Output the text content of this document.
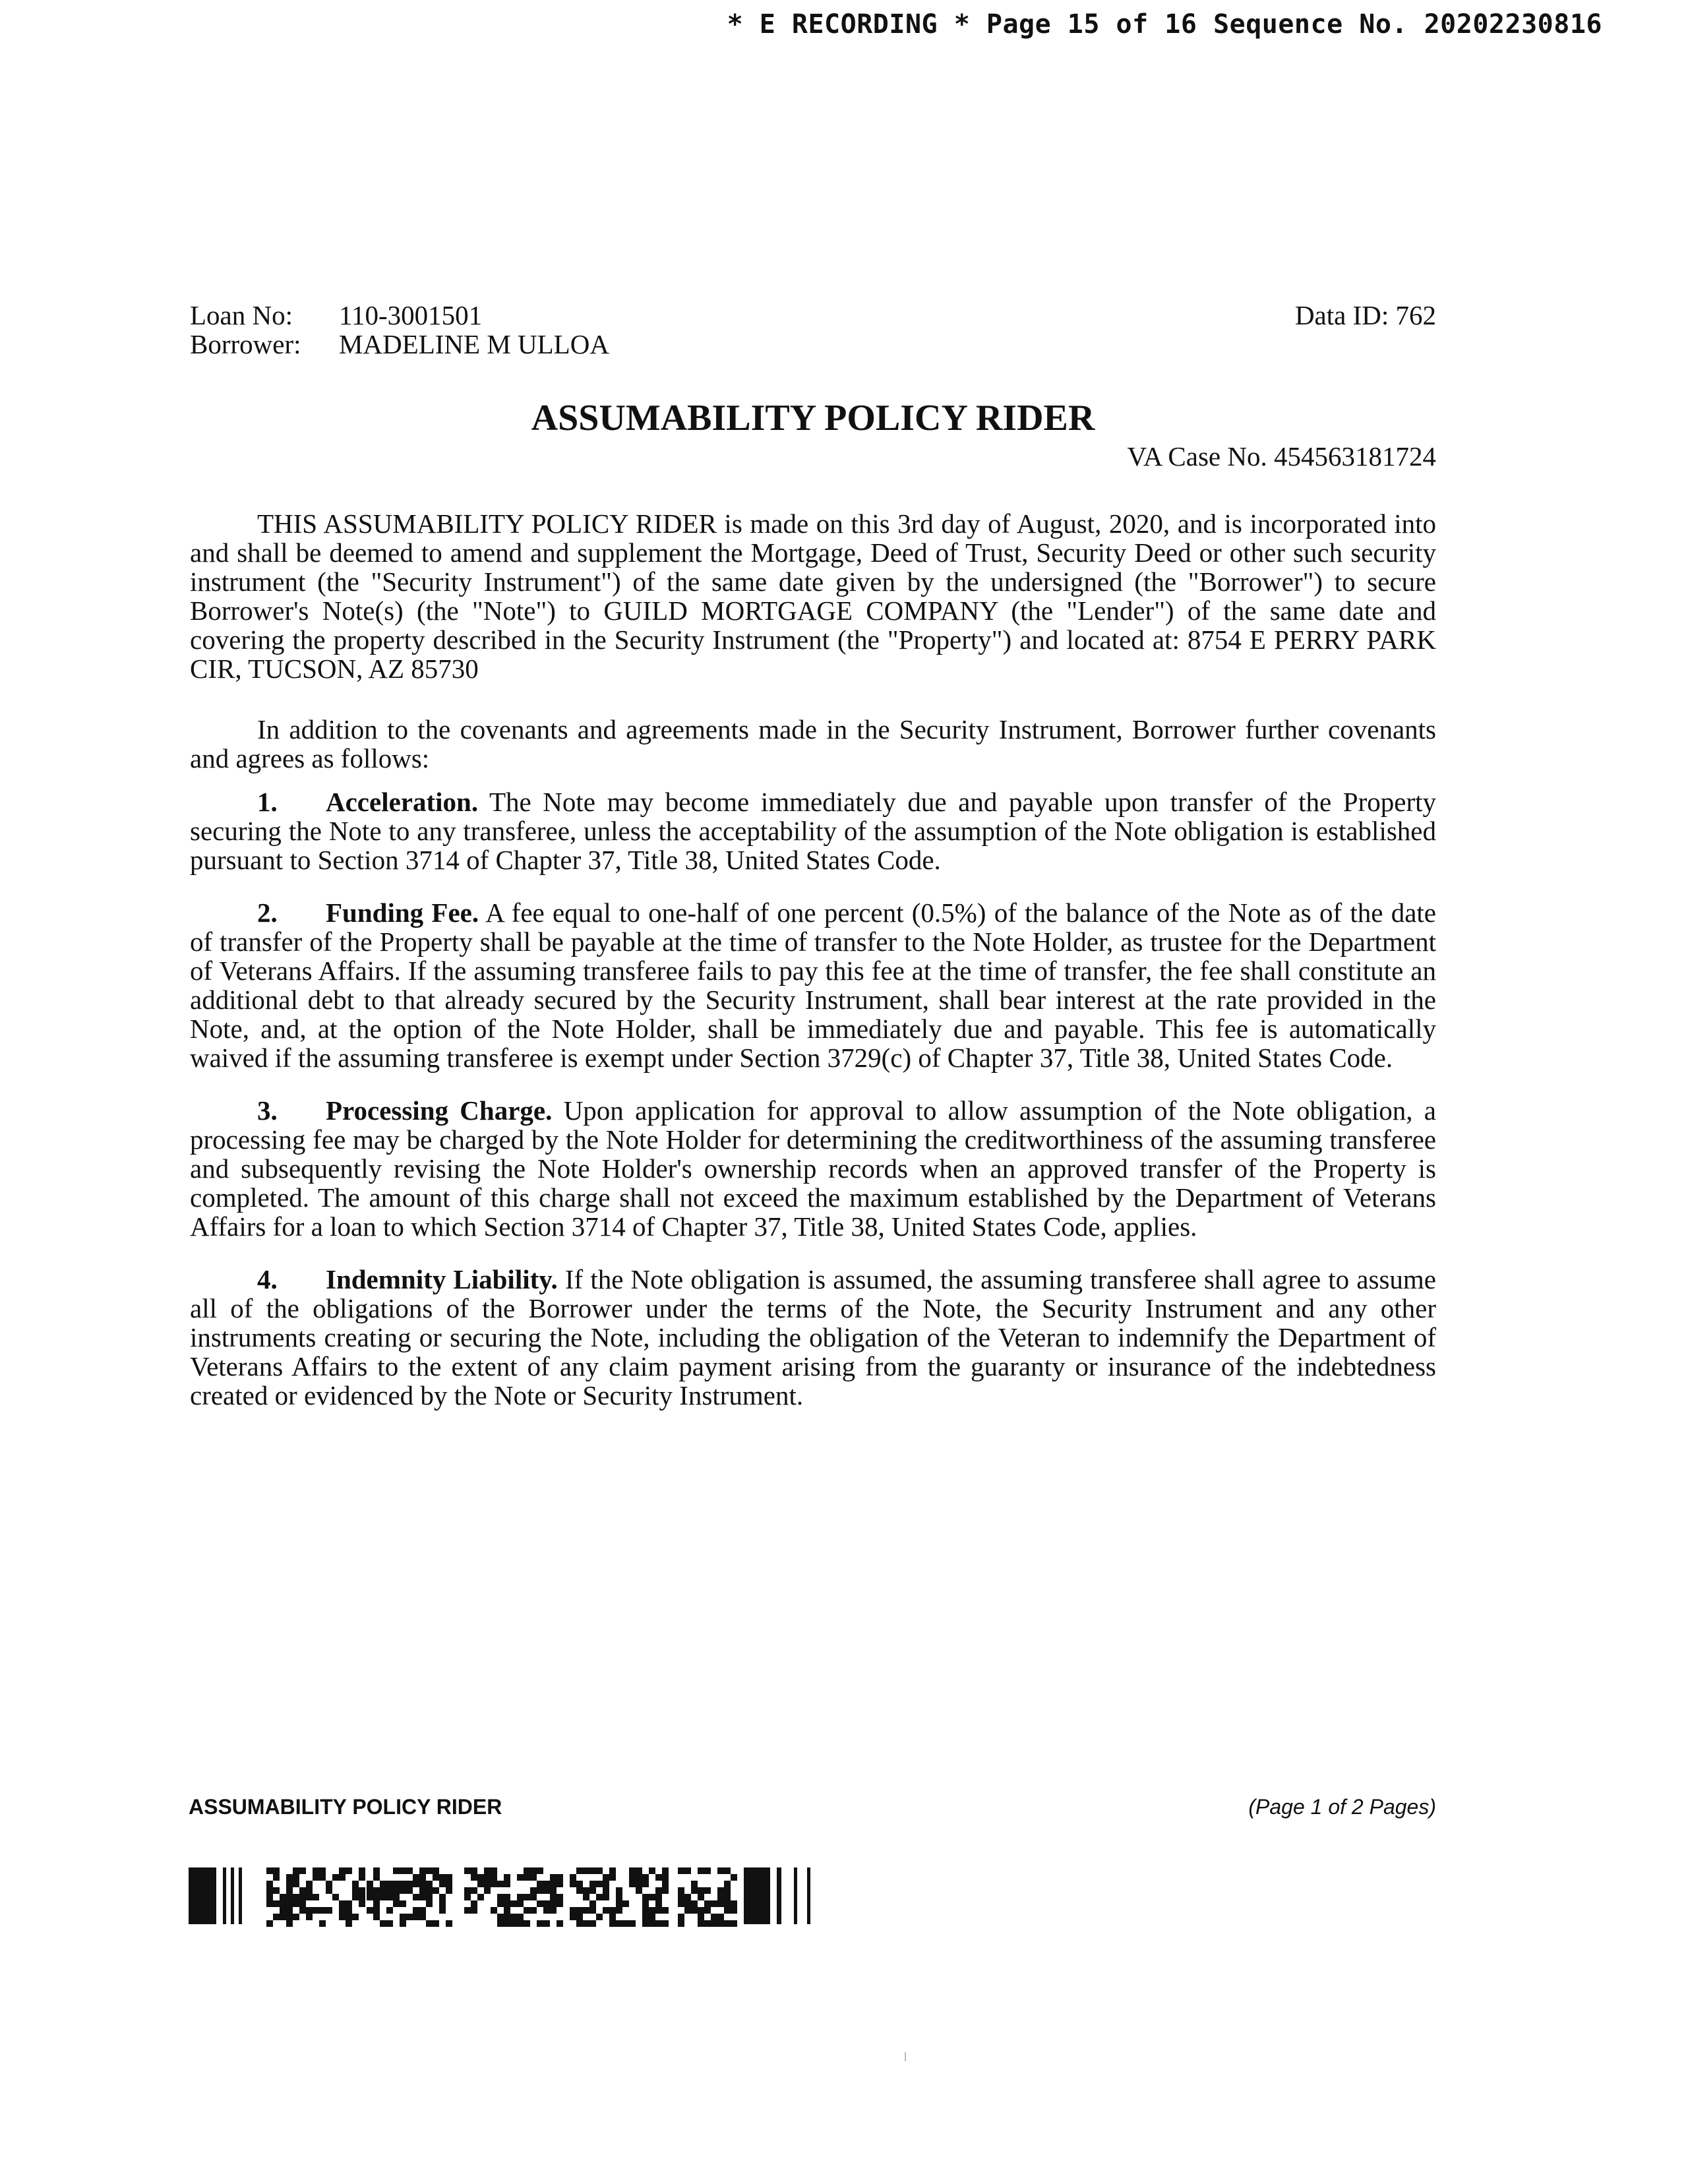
* E RECORDING * Page 15 of 16 Sequence No. 20202230816
Loan No:	110-3001501
Borrower:	MADELINE M ULLOA
Data ID: 762
ASSUMABILITY POLICY RIDER
VA Case No. 454563181724

THIS ASSUMABILITY POLICY RIDER is made on this 3rd day of August, 2020, and is incorporated into and shall be deemed to amend and supplement the Mortgage, Deed of Trust, Security Deed or other such security instrument (the "Security Instrument") of the same date given by the undersigned (the "Borrower") to secure Borrower's Note(s) (the "Note") to GUILD MORTGAGE COMPANY (the "Lender") of the same date and covering the property described in the Security Instrument (the "Property") and located at: 8754 E PERRY PARK CIR, TUCSON, AZ 85730

In addition to the covenants and agreements made in the Security Instrument, Borrower further covenants and agrees as follows:

1. Acceleration. The Note may become immediately due and payable upon transfer of the Property securing the Note to any transferee, unless the acceptability of the assumption of the Note obligation is established pursuant to Section 3714 of Chapter 37, Title 38, United States Code.

2. Funding Fee. A fee equal to one-half of one percent (0.5%) of the balance of the Note as of the date of transfer of the Property shall be payable at the time of transfer to the Note Holder, as trustee for the Department of Veterans Affairs. If the assuming transferee fails to pay this fee at the time of transfer, the fee shall constitute an additional debt to that already secured by the Security Instrument, shall bear interest at the rate provided in the Note, and, at the option of the Note Holder, shall be immediately due and payable. This fee is automatically waived if the assuming transferee is exempt under Section 3729(c) of Chapter 37, Title 38, United States Code.

3. Processing Charge. Upon application for approval to allow assumption of the Note obligation, a processing fee may be charged by the Note Holder for determining the creditworthiness of the assuming transferee and subsequently revising the Note Holder's ownership records when an approved transfer of the Property is completed. The amount of this charge shall not exceed the maximum established by the Department of Veterans Affairs for a loan to which Section 3714 of Chapter 37, Title 38, United States Code, applies.

4. Indemnity Liability. If the Note obligation is assumed, the assuming transferee shall agree to assume all of the obligations of the Borrower under the terms of the Note, the Security Instrument and any other instruments creating or securing the Note, including the obligation of the Veteran to indemnify the Department of Veterans Affairs to the extent of any claim payment arising from the guaranty or insurance of the indebtedness created or evidenced by the Note or Security Instrument.

ASSUMABILITY POLICY RIDER	(Page 1 of 2 Pages)
